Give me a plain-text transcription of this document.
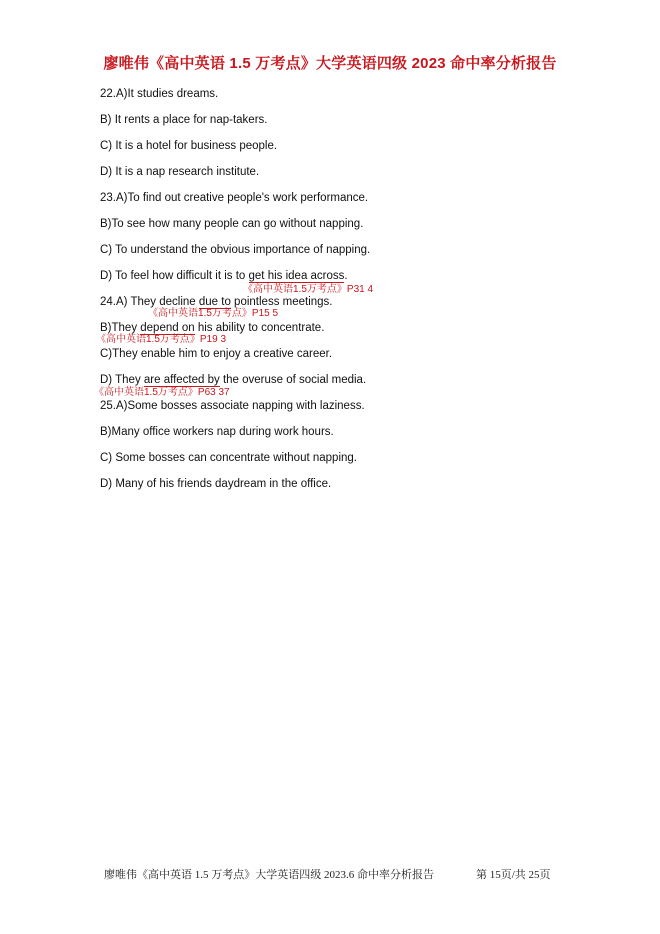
廖唯伟《高中英语 1.5 万考点》大学英语四级 2023 命中率分析报告
22.A)It studies dreams.
B) It rents a place for nap-takers.
C) It is a hotel for business people.
D) It is a nap research institute.
23.A)To find out creative people's work performance.
B)To see how many people can go without napping.
C) To understand the obvious importance of napping.
D) To feel how difficult it is to get his idea across.
《高中英语1.5万考点》P31 4
24.A) They decline due to pointless meetings.
《高中英语1.5万考点》P15 5
B)They depend on his ability to concentrate.
《高中英语1.5万考点》P19 3
C)They enable him to enjoy a creative career.
D) They are affected by the overuse of social media.
《高中英语1.5万考点》P63 37
25.A)Some bosses associate napping with laziness.
B)Many office workers nap during work hours.
C) Some bosses can concentrate without napping.
D) Many of his friends daydream in the office.
廖唯伟《高中英语 1.5 万考点》大学英语四级 2023.6 命中率分析报告	第 15页/共 25页
